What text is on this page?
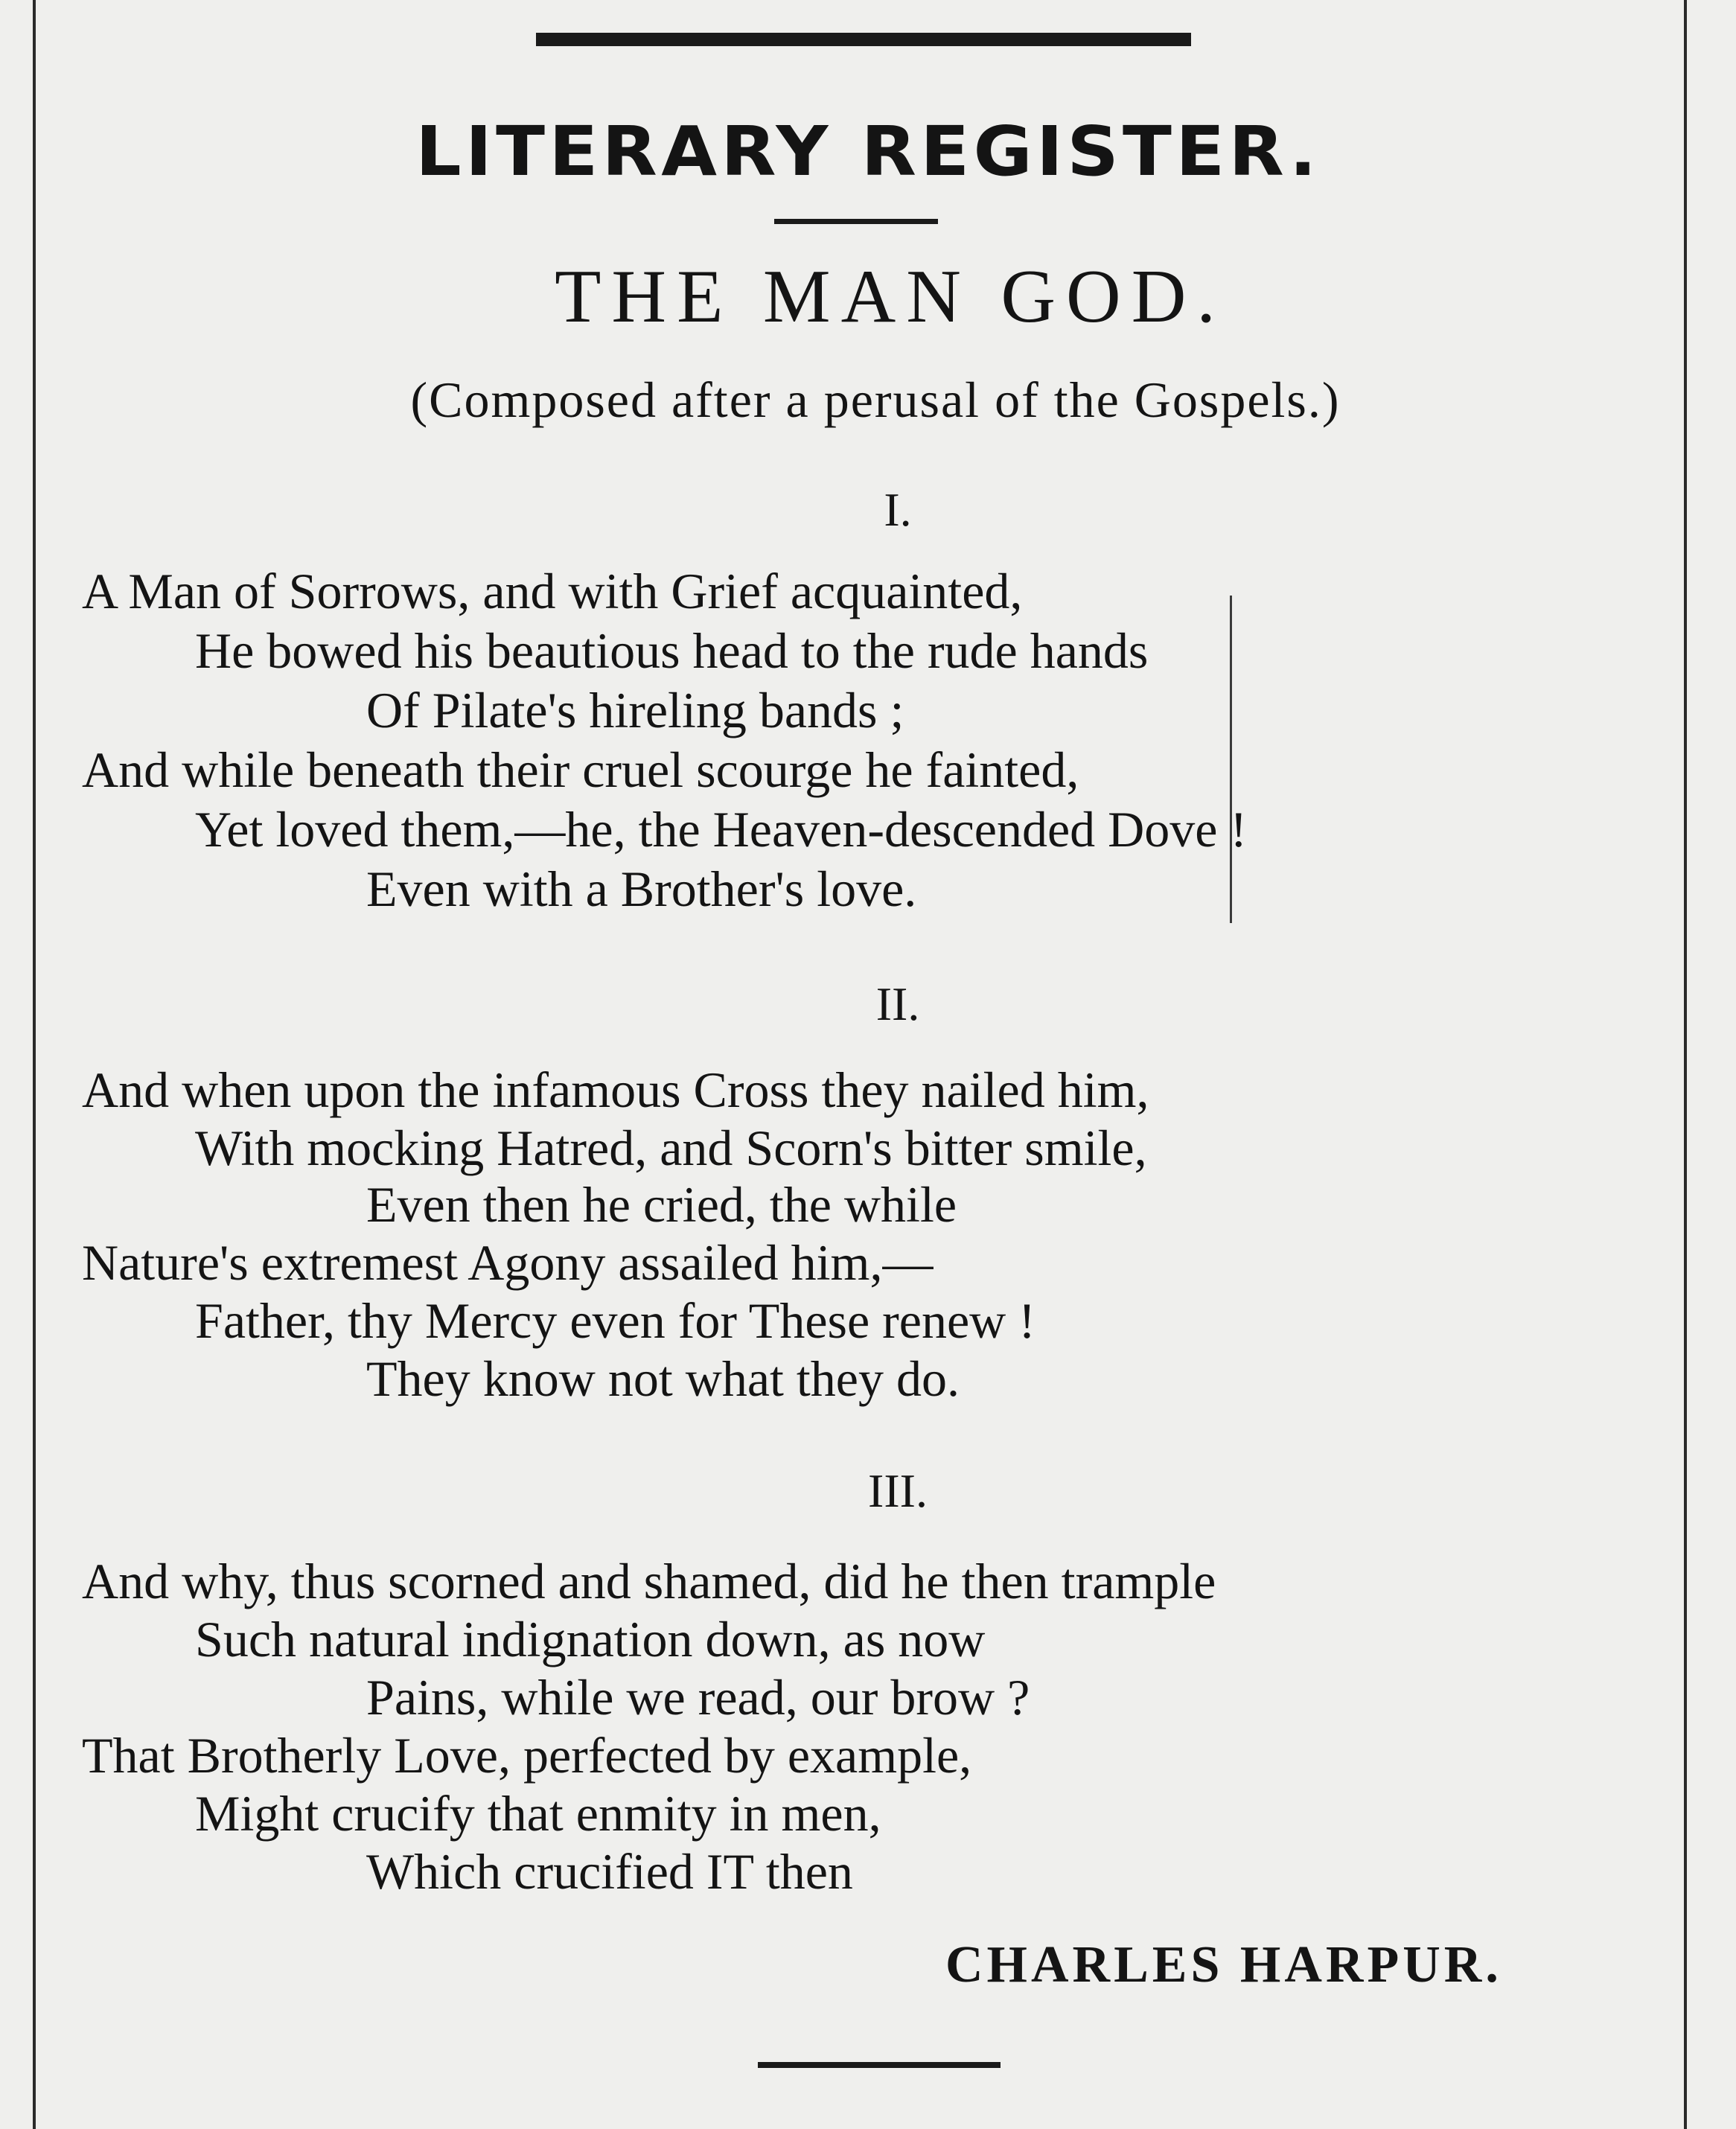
LITERARY REGISTER.
THE MAN GOD.
(Composed after a perusal of the Gospels.)
I.
A Man of Sorrows, and with Grief acquainted,
He bowed his beautious head to the rude hands
Of Pilate's hireling bands ;
And while beneath their cruel scourge he fainted,
Yet loved them,—he, the Heaven-descended Dove !
Even with a Brother's love.
II.
And when upon the infamous Cross they nailed him,
With mocking Hatred, and Scorn's bitter smile,
Even then he cried, the while
Nature's extremest Agony assailed him,—
Father, thy Mercy even for These renew !
They know not what they do.
III.
And why, thus scorned and shamed, did he then trample
Such natural indignation down, as now
Pains, while we read, our brow ?
That Brotherly Love, perfected by example,
Might crucify that enmity in men,
Which crucified IT then
CHARLES HARPUR.
